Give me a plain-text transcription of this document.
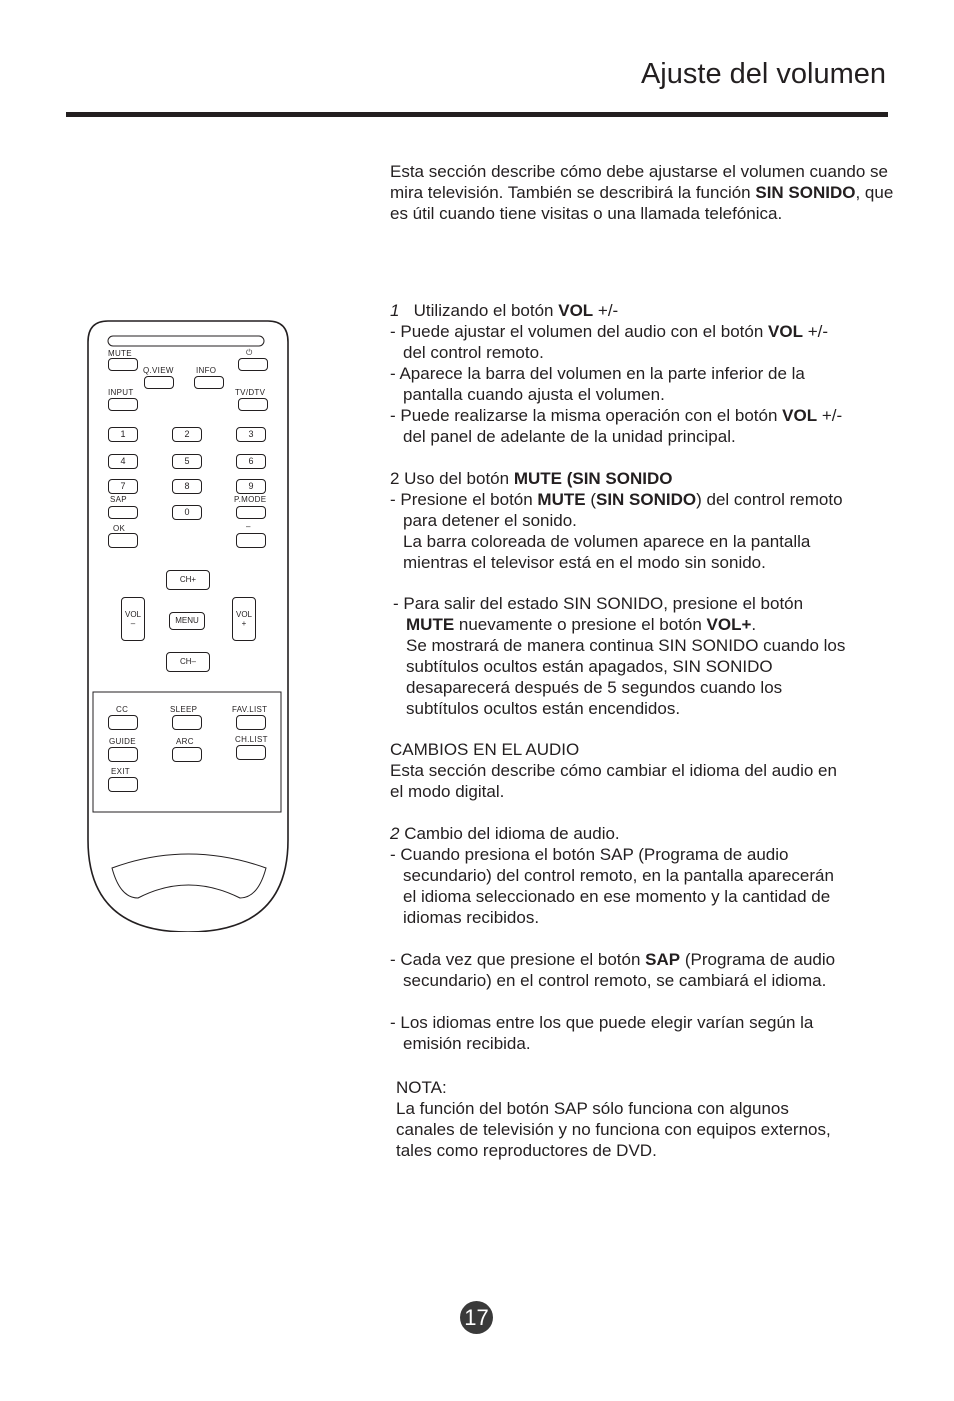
Ajuste del volumen

Esta sección describe cómo debe ajustarse el volumen cuando se mira televisión. También se describirá la función SIN SONIDO, que es útil cuando tiene visitas o una llamada telefónica.

1 Utilizando el botón VOL +/-

- Puede ajustar el volumen del audio con el botón VOL +/-

del control remoto.

- Aparece la barra del volumen en la parte inferior de la

pantalla cuando ajusta el volumen.

- Puede realizarse la misma operación con el botón VOL +/-

del panel de adelante de la unidad principal.

2 Uso del botón MUTE (SIN SONIDO

- Presione el botón MUTE (SIN SONIDO) del control remoto

para detener el sonido.

La barra coloreada de volumen aparece en la pantalla

mientras el televisor está en el modo sin sonido.

- Para salir del estado SIN SONIDO, presione el botón

MUTE nuevamente o presione el botón VOL+.

Se mostrará de manera continua SIN SONIDO cuando los

subtítulos ocultos están apagados, SIN SONIDO

desaparecerá después de 5 segundos cuando los

subtítulos ocultos están encendidos.

CAMBIOS EN EL AUDIO

Esta sección describe cómo cambiar el idioma del audio en

el modo digital.

2 Cambio del idioma de audio.

- Cuando presiona el botón SAP (Programa de audio

secundario) del control remoto, en la pantalla aparecerán

el idioma seleccionado en ese momento y la cantidad de

idiomas recibidos.

- Cada vez que presione el botón SAP (Programa de audio

secundario) en el control remoto, se cambiará el idioma.

- Los idiomas entre los que puede elegir varían según la

emisión recibida.

NOTA:

La función del botón SAP sólo funciona con algunos

canales de televisión y no funciona con equipos externos,

tales como reproductores de DVD.

MUTE	⏻
Q.VIEW	INFO
INPUT	TV/DTV
1	2	3
4	5	6
7	8	9
SAP
0
P.MODE
OK	–
CH+
CH–
MENU
VOL
–
VOL
+
CC	SLEEP	FAV.LIST
GUIDE	ARC	CH.LIST
EXIT
17
